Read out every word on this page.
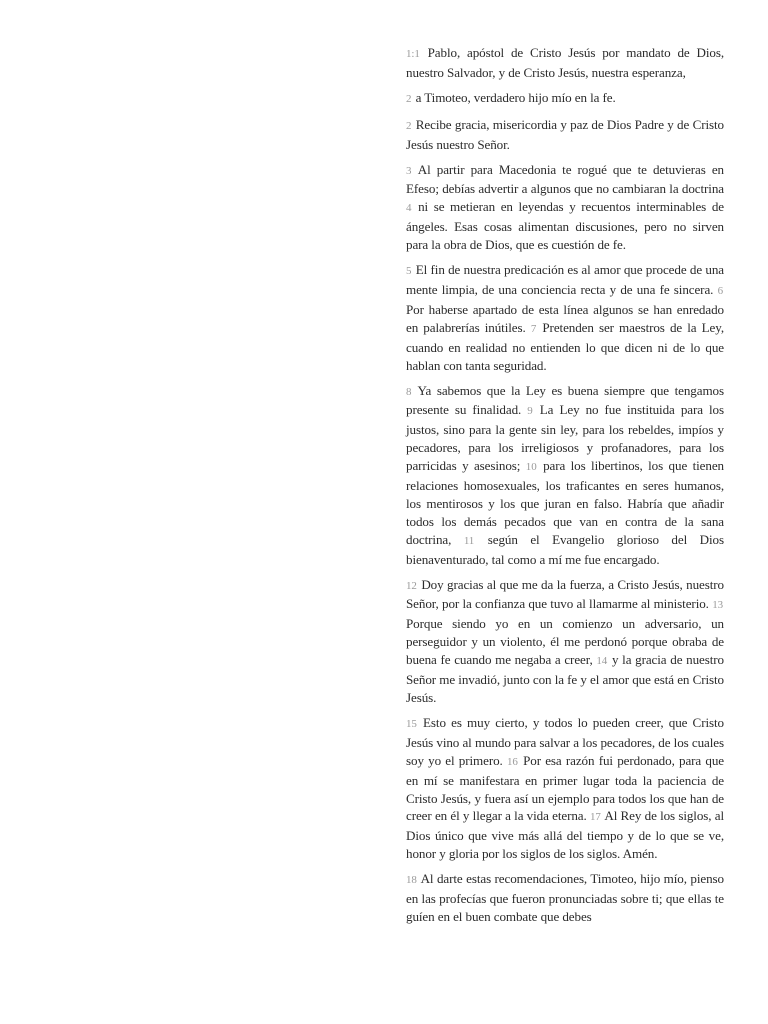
1:1 Pablo, apóstol de Cristo Jesús por mandato de Dios, nuestro Salvador, y de Cristo Jesús, nuestra esperanza,

2 a Timoteo, verdadero hijo mío en la fe.

2 Recibe gracia, misericordia y paz de Dios Padre y de Cristo Jesús nuestro Señor.

3 Al partir para Macedonia te rogué que te detuvieras en Efeso; debías advertir a algunos que no cambiaran la doctrina 4 ni se metieran en leyendas y recuentos interminables de ángeles. Esas cosas alimentan discusiones, pero no sirven para la obra de Dios, que es cuestión de fe.

5 El fin de nuestra predicación es al amor que procede de una mente limpia, de una conciencia recta y de una fe sincera. 6 Por haberse apartado de esta línea algunos se han enredado en palabrerías inútiles. 7 Pretenden ser maestros de la Ley, cuando en realidad no entienden lo que dicen ni de lo que hablan con tanta seguridad.

8 Ya sabemos que la Ley es buena siempre que tengamos presente su finalidad. 9 La Ley no fue instituida para los justos, sino para la gente sin ley, para los rebeldes, impíos y pecadores, para los irreligiosos y profanadores, para los parricidas y asesinos; 10 para los libertinos, los que tienen relaciones homosexuales, los traficantes en seres humanos, los mentirosos y los que juran en falso. Habría que añadir todos los demás pecados que van en contra de la sana doctrina, 11 según el Evangelio glorioso del Dios bienaventurado, tal como a mí me fue encargado.

12 Doy gracias al que me da la fuerza, a Cristo Jesús, nuestro Señor, por la confianza que tuvo al llamarme al ministerio. 13 Porque siendo yo en un comienzo un adversario, un perseguidor y un violento, él me perdonó porque obraba de buena fe cuando me negaba a creer, 14 y la gracia de nuestro Señor me invadió, junto con la fe y el amor que está en Cristo Jesús.

15 Esto es muy cierto, y todos lo pueden creer, que Cristo Jesús vino al mundo para salvar a los pecadores, de los cuales soy yo el primero. 16 Por esa razón fui perdonado, para que en mí se manifestara en primer lugar toda la paciencia de Cristo Jesús, y fuera así un ejemplo para todos los que han de creer en él y llegar a la vida eterna. 17 Al Rey de los siglos, al Dios único que vive más allá del tiempo y de lo que se ve, honor y gloria por los siglos de los siglos. Amén.

18 Al darte estas recomendaciones, Timoteo, hijo mío, pienso en las profecías que fueron pronunciadas sobre ti; que ellas te guíen en el buen combate que debes
